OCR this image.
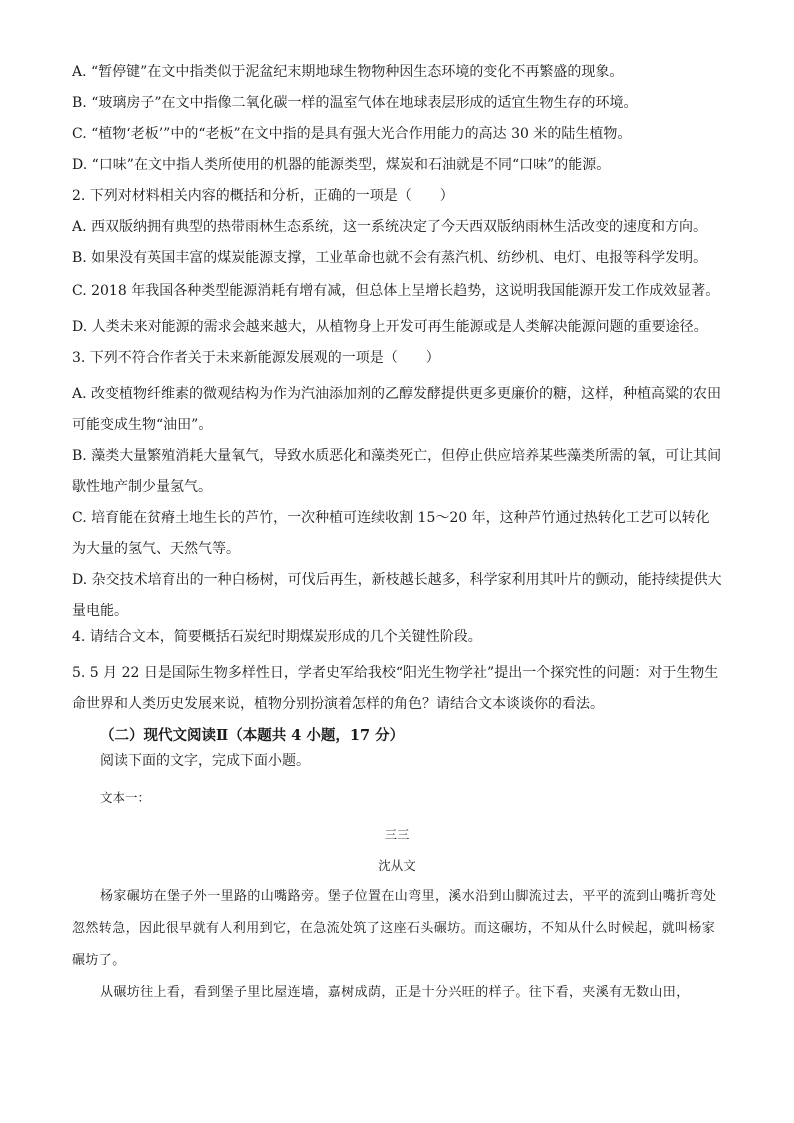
A. “暂停键”在文中指类似于泥盆纪末期地球生物物种因生态环境的变化不再繁盛的现象。
B. “玻璃房子”在文中指像二氧化碳一样的温室气体在地球表层形成的适宜生物生存的环境。
C. “植物‘老板’”中的“老板”在文中指的是具有强大光合作用能力的高达 30 米的陆生植物。
D. “口味”在文中指人类所使用的机器的能源类型，煤炭和石油就是不同“口味”的能源。
2. 下列对材料相关内容的概括和分析，正确的一项是（　　）
A. 西双版纳拥有典型的热带雨林生态系统，这一系统决定了今天西双版纳雨林生活改变的速度和方向。
B. 如果没有英国丰富的煤炭能源支撑，工业革命也就不会有蒸汽机、纺纱机、电灯、电报等科学发明。
C. 2018 年我国各种类型能源消耗有增有减，但总体上呈增长趋势，这说明我国能源开发工作成效显著。
D. 人类未来对能源的需求会越来越大，从植物身上开发可再生能源或是人类解决能源问题的重要途径。
3. 下列不符合作者关于未来新能源发展观的一项是（　　）
A. 改变植物纤维素的微观结构为作为汽油添加剂的乙醇发酵提供更多更廉价的糖，这样，种植高粱的农田可能变成生物“油田”。
B. 藻类大量繁殖消耗大量氧气，导致水质恶化和藻类死亡，但停止供应培养某些藻类所需的氧，可让其间歇性地产制少量氢气。
C. 培育能在贫瘠土地生长的芦竹，一次种植可连续收割 15～20 年，这种芦竹通过热转化工艺可以转化为大量的氢气、天然气等。
D. 杂交技术培育出的一种白杨树，可伐后再生，新枝越长越多，科学家利用其叶片的颤动，能持续提供大量电能。
4. 请结合文本，简要概括石炭纪时期煤炭形成的几个关键性阶段。
5. 5 月 22 日是国际生物多样性日，学者史军给我校“阳光生物学社”提出一个探究性的问题：对于生物生命世界和人类历史发展来说，植物分别扮演着怎样的角色？请结合文本谈谈你的看法。
（二）现代文阅读Ⅱ（本题共 4 小题，17 分）
阅读下面的文字，完成下面小题。
文本一：
三三
沈从文
杨家碾坊在堡子外一里路的山嘴路旁。堡子位置在山弯里，溪水沿到山脚流过去，平平的流到山嘴折弯处忽然转急，因此很早就有人利用到它，在急流处筑了这座石头碾坊。而这碾坊，不知从什么时候起，就叫杨家碾坊了。
从碾坊往上看，看到堡子里比屋连墙，嘉树成荫，正是十分兴旺的样子。往下看，夹溪有无数山田，
